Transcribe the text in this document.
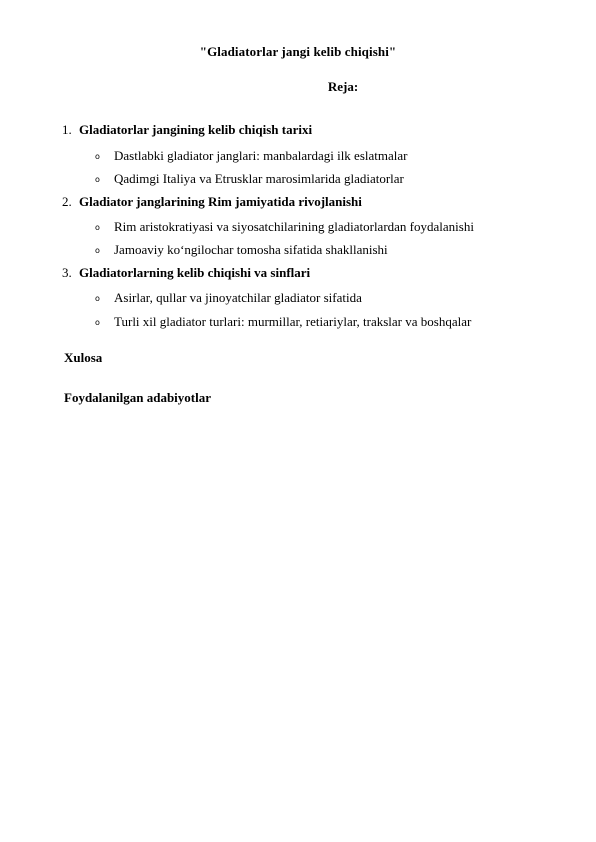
"Gladiatorlar jangi kelib chiqishi"
Reja:
1. Gladiatorlar jangining kelib chiqish tarixi
o Dastlabki gladiator janglari: manbalardagi ilk eslatmalar
o Qadimgi Italiya va Etrusklar marosimlarida gladiatorlar
2. Gladiator janglarining Rim jamiyatida rivojlanishi
o Rim aristokratiyasi va siyosatchilarining gladiatorlardan foydalanishi
o Jamoaviy ko‘ngilochar tomosha sifatida shakllanishi
3. Gladiatorlarning kelib chiqishi va sinflari
o Asirlar, qullar va jinoyatchilar gladiator sifatida
o Turli xil gladiator turlari: murmillar, retiariylar, trakslar va boshqalar
Xulosa
Foydalanilgan adabiyotlar
